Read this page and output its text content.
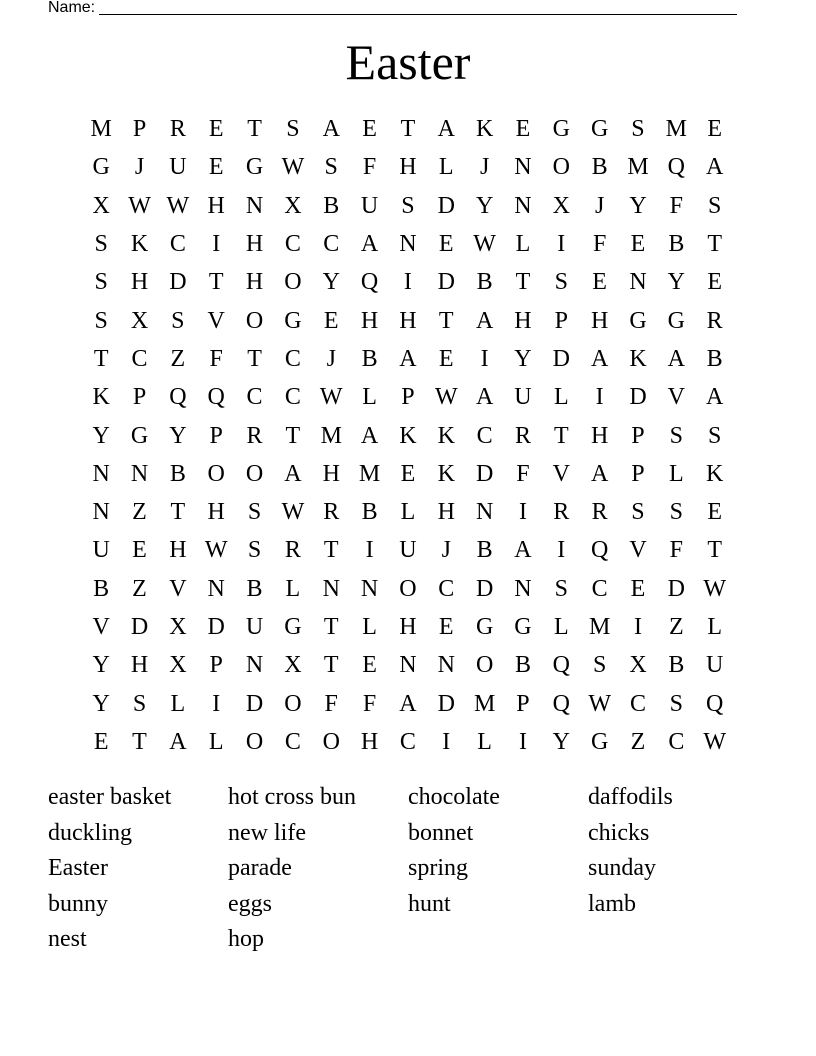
Name:
Easter
M P R E T	S A E T A K E G G S M E
G	J	U E G W S	F H L	J	N O B M Q A
X W W H N X B U S D Y N X	J	Y F	S
S K C	I	H C C A N E W L	I	F	E B T
S H D T H O Y Q	I	D B T	S	E N Y E
S X S V O G E H H T A H P H G G R
T C Z	F	T C	J	B A E	I	Y D A K A B
K P Q Q C C W L	P W A U L	I	D V A
Y G Y P R T M A K K C R T H P	S	S
N N B O O A H M E K D F V A P	L K
N Z T H S W R B L H N	I	R R S	S	E
U E H W S R T	I	U	J	B A	I	Q V F	T
B Z V N B L N N O C D N S C E D W
V D X D U G T L H E G G L M I	Z L
Y H X P N X T E N N O B Q S X B U
Y S	L	I	D O F	F A D M P Q W C S Q
E T A L O C O H C	I	L	I	Y G Z C W
easter basket	hot cross bun	chocolate	daffodils
duckling	new life	bonnet	chicks
Easter	parade	spring	sunday
bunny	eggs	hunt	lamb
nest	hop
